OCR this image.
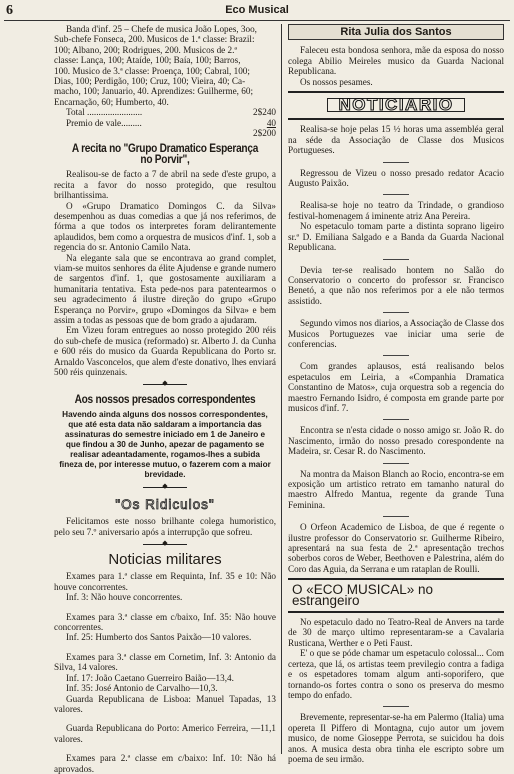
6	Eco Musical

Banda d'inf. 25 – Chefe de musica João Lopes, 3oo,

Sub-chefe Fonseca, 200. Musicos de 1.ª classe: Brazil:

100; Albano, 200; Rodrigues, 200. Musicos de 2.ª

classe: Lança, 100; Ataíde, 100; Baía, 100; Barros,

100. Musico de 3.ª classe: Proença, 100; Cabral, 100;

Dias, 100; Perdigão, 100; Cruz, 100; Vieira, 40; Ca-

macho, 100; Januario, 40. Aprendizes: Guilherme, 60;

Encarnação, 60; Humberto, 40.

Total ........................	2$240
Premio de vale.........	40
2$200
A recita no "Grupo Dramatico Esperança no Porvir",

Realisou-se de facto a 7 de abril na sede d'este grupo, a recita a favor do nosso protegido, que resultou brilhantissima.

O «Grupo Dramatico Domingos C. da Silva» desempenhou as duas comedias a que já nos referimos, de fórma a que todos os interpretes foram delirantemente aplaudidos, bem como a orquestra de musicos d'inf. 1, sob a regencia do sr. Antonio Camilo Nata.

Na elegante sala que se encontrava ao grand complet, viam-se muitos senhores da élite Ajudense e grande numero de sargentos d'inf. 1, que gostosamente auxiliaram a humanitaria tentativa. Esta pede-nos para patentearmos o seu agradecimento á ilustre direção do grupo «Grupo Esperança no Porvir», grupo «Domingos da Silva» e bem assim a todas as pessoas que de bom grado a ajudaram.

Em Vizeu foram entregues ao nosso protegido 200 réis do sub-chefe de musica (reformado) sr. Alberto J. da Cunha e 600 réis do musico da Guarda Republicana do Porto sr. Arnaldo Vasconcelos, que alem d'este donativo, lhes enviará 500 réis quinzenais.

◆
Aos nossos presados correspondentes

Havendo ainda alguns dos nossos correspondentes, que até esta data não saldaram a importancia das assinaturas do semestre iniciado em 1 de Janeiro e que findou a 30 de Junho, apezar de pagamento se realisar adeantadamente, rogamos-lhes a subida fineza de, por interesse mutuo, o fazerem com a maior brevidade.

◆
"Os Ridiculos"

Felicitamos este nosso brilhante colega humoristico, pelo seu 7.º aniversario após a interrupção que sofreu.

◆
Noticias militares

Exames para 1.ª classe em Requinta, Inf. 35 e 10: Não houve concorrentes.

Inf. 3: Não houve concorrentes.

Exames para 3.ª classe em c/baixo, Inf. 35: Não houve concorrentes.

Inf. 25: Humberto dos Santos Paixão—10 valores.

Exames para 3.ª classe em Cornetim, Inf. 3: Antonio da Silva, 14 valores.

Inf. 17: João Caetano Guerreiro Baião—13,4.

Inf. 35: José Antonio de Carvalho—10,3.

Guarda Republicana de Lisboa: Manuel Tapadas, 13 valores.

Guarda Republicana do Porto: Americo Ferreira, —11,1 valores.

Exames para 2.ª classe em c/baixo: Inf. 10: Não há aprovados.

Rita Julia dos Santos

Faleceu esta bondosa senhora, mãe da esposa do nosso colega Abilio Meireles musico da Guarda Nacional Republicana.

Os nossos pesames.

NOTICIARIO

Realisa-se hoje pelas 15 ½ horas uma assembléa geral na séde da Associação de Classe dos Musicos Portugueses.

Regressou de Vizeu o nosso presado redator Acacio Augusto Paixão.

Realisa-se hoje no teatro da Trindade, o grandioso festival-homenagem á iminente atriz Ana Pereira.

No espetaculo tomam parte a distinta soprano ligeiro sr.ª D. Emiliana Salgado e a Banda da Guarda Nacional Republicana.

Devia ter-se realisado hontem no Salão do Conservatorio o concerto do professor sr. Francisco Benetó, a que não nos referimos por a ele não termos assistido.

Segundo vimos nos diarios, a Associação de Classe dos Musicos Portuguezes vae iniciar uma serie de conferencias.

Com grandes aplausos, está realisando belos espetaculos em Leiria, a «Companhia Dramatica Constantino de Matos», cuja orquestra sob a regencia do maestro Fernando Isidro, é composta em grande parte por musicos d'inf. 7.

Encontra se n'esta cidade o nosso amigo sr. João R. do Nascimento, irmão do nosso presado corespondente na Madeira, sr. Cesar R. do Nascimento.

Na montra da Maison Blanch ao Rocio, encontra-se em exposição um artistico retrato em tamanho natural do maestro Alfredo Mantua, regente da grande Tuna Feminina.

O Orfeon Academico de Lisboa, de que é regente o ilustre professor do Conservatorio sr. Guilherme Ribeiro, apresentará na sua festa de 2.ª apresentação trechos soberbos coros de Weber, Beethoven e Palestrina, além do Coro das Aguia, da Serrana e um rataplan de Roulli.

O «ECO MUSICAL» no estrangeiro

No espetaculo dado no Teatro-Real de Anvers na tarde de 30 de março ultimo representaram-se a Cavalaria Rusticana, Werther e o Peti Faust.

E' o que se póde chamar um espetaculo colossal... Com certeza, que lá, os artistas teem previlegio contra a fadiga e os espetadores tomam algum anti-soporifero, que tornando-os fortes contra o sono os preserva do mesmo tempo do enfado.

Brevemente, representar-se-ha em Palermo (Italia) uma opereta Il Piffero di Montagna, cujo autor um jovem musico, de nome Gioseppe Perrota, se suicidou ha dois anos. A musica desta obra tinha ele escripto sobre um poema de seu irmão.
